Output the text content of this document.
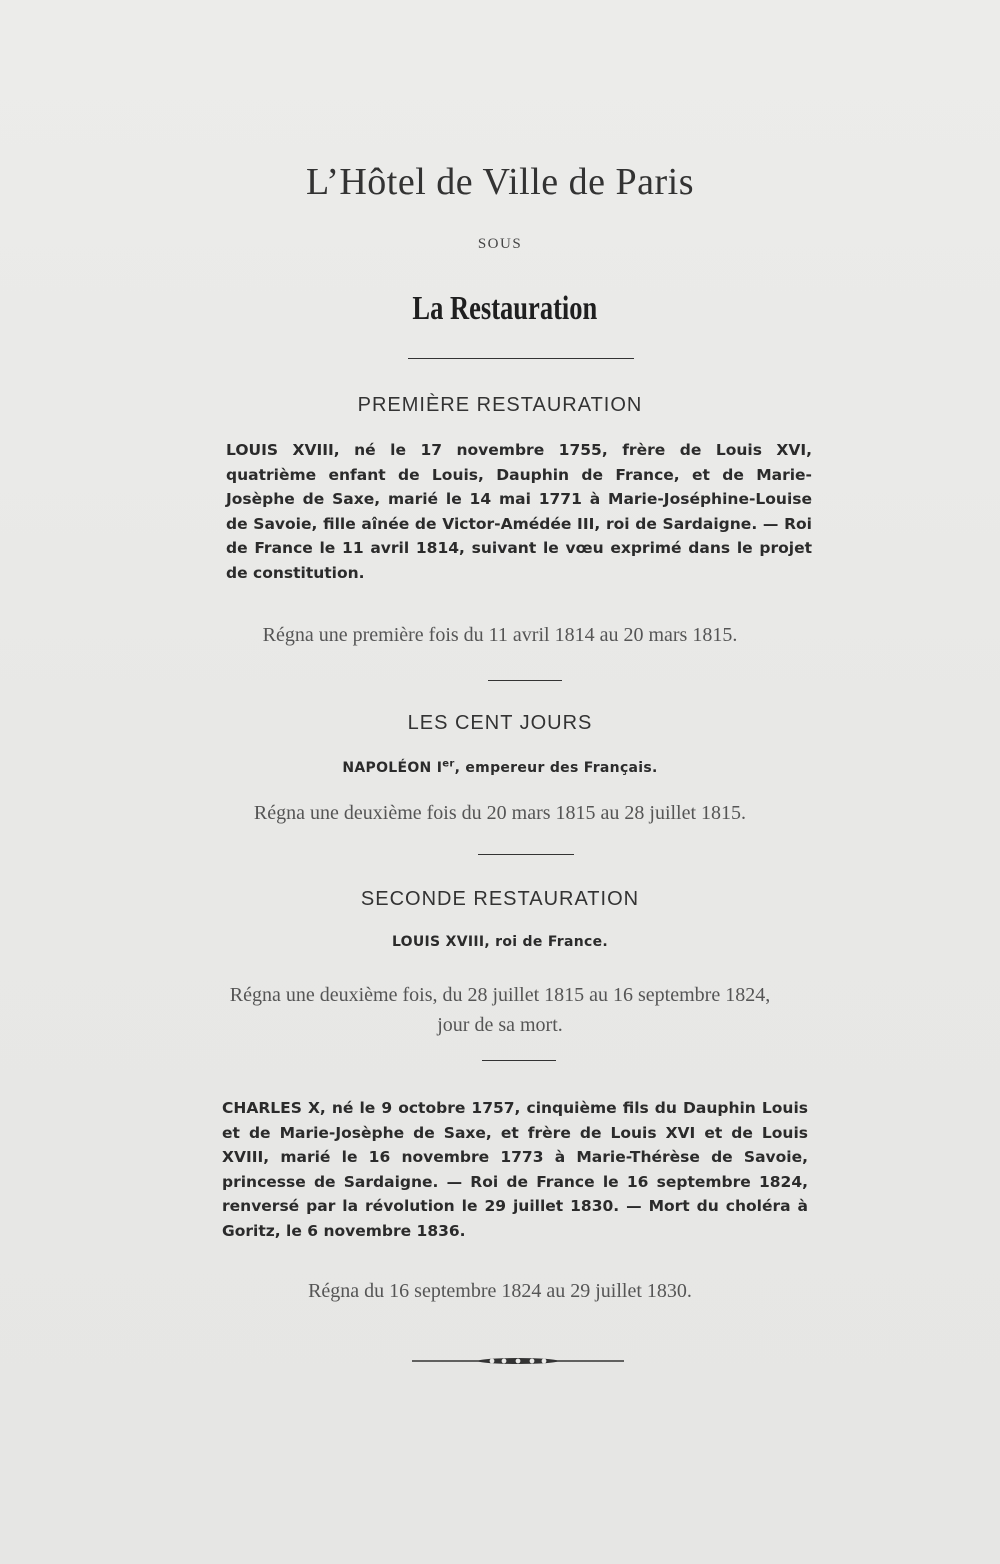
L’Hôtel de Ville de Paris
SOUS
La Restauration
PREMIÈRE RESTAURATION
LOUIS XVIII, né le 17 novembre 1755, frère de Louis XVI, quatrième enfant de Louis, Dauphin de France, et de Marie-Josèphe de Saxe, marié le 14 mai 1771 à Marie-Joséphine-Louise de Savoie, fille aînée de Victor-Amédée III, roi de Sardaigne. — Roi de France le 11 avril 1814, suivant le vœu exprimé dans le projet de constitution.
Régna une première fois du 11 avril 1814 au 20 mars 1815.
LES CENT JOURS
NAPOLÉON Ier, empereur des Français.
Régna une deuxième fois du 20 mars 1815 au 28 juillet 1815.
SECONDE RESTAURATION
LOUIS XVIII, roi de France.
Régna une deuxième fois, du 28 juillet 1815 au 16 septembre 1824,
jour de sa mort.
CHARLES X, né le 9 octobre 1757, cinquième fils du Dauphin Louis et de Marie-Josèphe de Saxe, et frère de Louis XVI et de Louis XVIII, marié le 16 novembre 1773 à Marie-Thérèse de Savoie, princesse de Sardaigne. — Roi de France le 16 septembre 1824, renversé par la révolution le 29 juillet 1830. — Mort du choléra à Goritz, le 6 novembre 1836.
Régna du 16 septembre 1824 au 29 juillet 1830.
